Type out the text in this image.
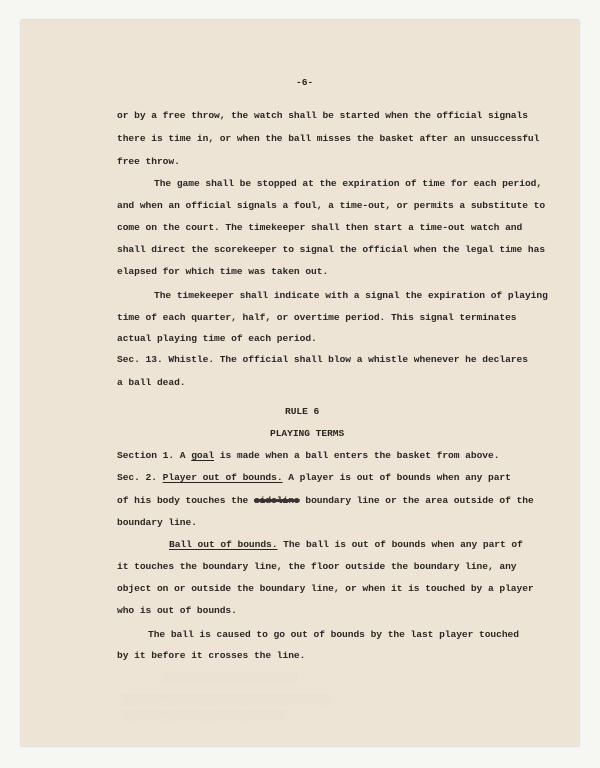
-6-
or by a free throw, the watch shall be started when the official signals
there is time in, or when the ball misses the basket after an unsuccessful
free throw.
The game shall be stopped at the expiration of time for each period,
and when an official signals a foul, a time-out, or permits a substitute to
come on the court. The timekeeper shall then start a time-out watch and
shall direct the scorekeeper to signal the official when the legal time has
elapsed for which time was taken out.
The timekeeper shall indicate with a signal the expiration of playing
time of each quarter, half, or overtime period. This signal terminates
actual playing time of each period.
Sec. 13. Whistle. The official shall blow a whistle whenever he declares
a ball dead.
RULE 6
PLAYING TERMS
Section 1. A goal is made when a ball enters the basket from above.
Sec. 2. Player out of bounds. A player is out of bounds when any part
of his body touches the sideline boundary line or the area outside of the
boundary line.
Ball out of bounds. The ball is out of bounds when any part of
it touches the boundary line, the floor outside the boundary line, any
object on or outside the boundary line, or when it is touched by a player
who is out of bounds.
The ball is caused to go out of bounds by the last player touched
by it before it crosses the line.
░░░░░░░░░░░░░░░░░░░░░░░░
░░░░░░░░░░░░░░░░░░░░░░░░░░░░░░░░░░░░░
░░░░░░░░░░░░░░░░░░░░░░░░░░░░░
